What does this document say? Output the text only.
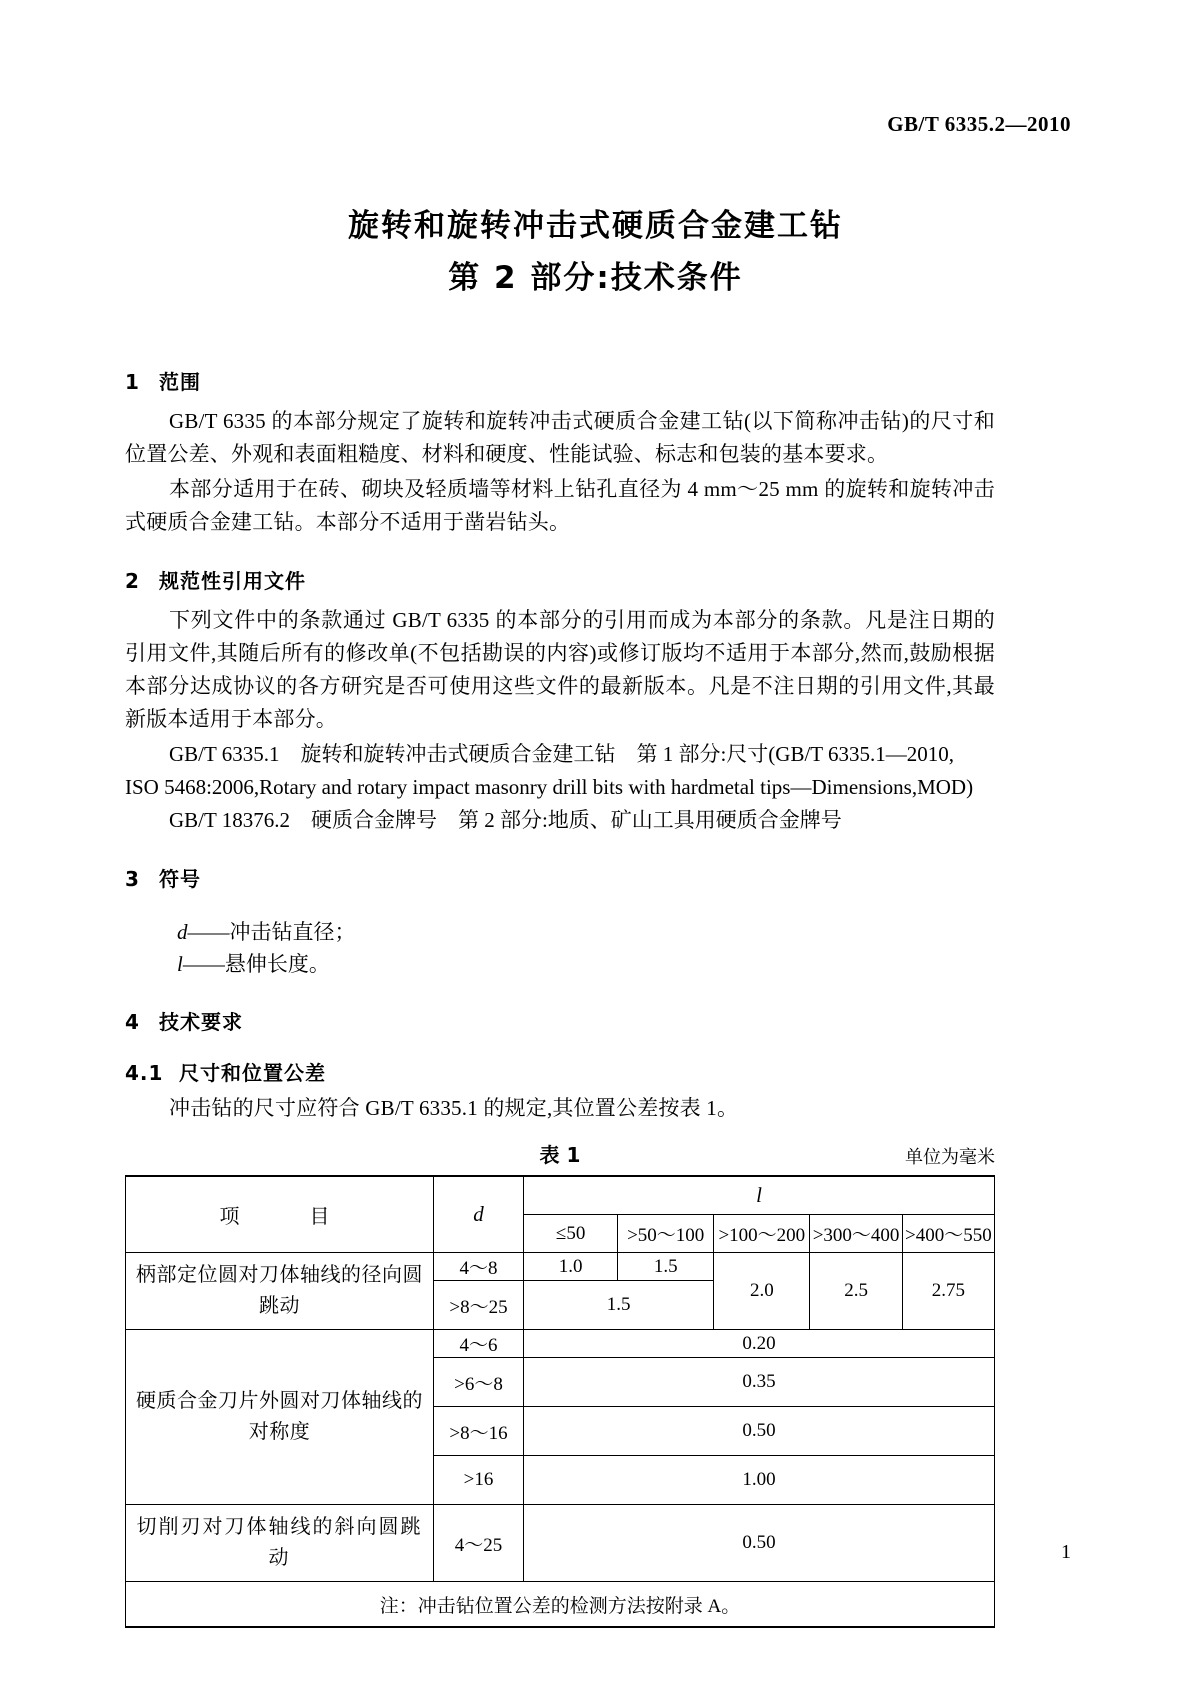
GB/T 6335.2—2010
旋转和旋转冲击式硬质合金建工钻
第 2 部分:技术条件
1 范围

GB/T 6335 的本部分规定了旋转和旋转冲击式硬质合金建工钻(以下简称冲击钻)的尺寸和位置公差、外观和表面粗糙度、材料和硬度、性能试验、标志和包装的基本要求。

本部分适用于在砖、砌块及轻质墙等材料上钻孔直径为 4 mm～25 mm 的旋转和旋转冲击式硬质合金建工钻。本部分不适用于凿岩钻头。

2 规范性引用文件

下列文件中的条款通过 GB/T 6335 的本部分的引用而成为本部分的条款。凡是注日期的引用文件,其随后所有的修改单(不包括勘误的内容)或修订版均不适用于本部分,然而,鼓励根据本部分达成协议的各方研究是否可使用这些文件的最新版本。凡是不注日期的引用文件,其最新版本适用于本部分。

GB/T 6335.1　旋转和旋转冲击式硬质合金建工钻　第 1 部分:尺寸(GB/T 6335.1—2010,

ISO 5468:2006,Rotary and rotary impact masonry drill bits with hardmetal tips—Dimensions,MOD)

GB/T 18376.2　硬质合金牌号　第 2 部分:地质、矿山工具用硬质合金牌号

3 符号

d——冲击钻直径；

l——悬伸长度。

4 技术要求
4.1 尺寸和位置公差

冲击钻的尺寸应符合 GB/T 6335.1 的规定,其位置公差按表 1。

表 1	单位为毫米
项　　目	d	l				
		≤50	>50～100	>100～200	>300～400	>400～550
柄部定位圆对刀体轴线的径向圆跳动	4～8	1.0	1.5	2.0	2.5	2.75
	>8～25	1.5				
硬质合金刀片外圆对刀体轴线的对称度	4～6	0.20				
	>6～8	0.35				
	>8～16	0.50				
	>16	1.00				
切削刃对刀体轴线的斜向圆跳动	4～25	0.50				
注：冲击钻位置公差的检测方法按附录 A。						
1
